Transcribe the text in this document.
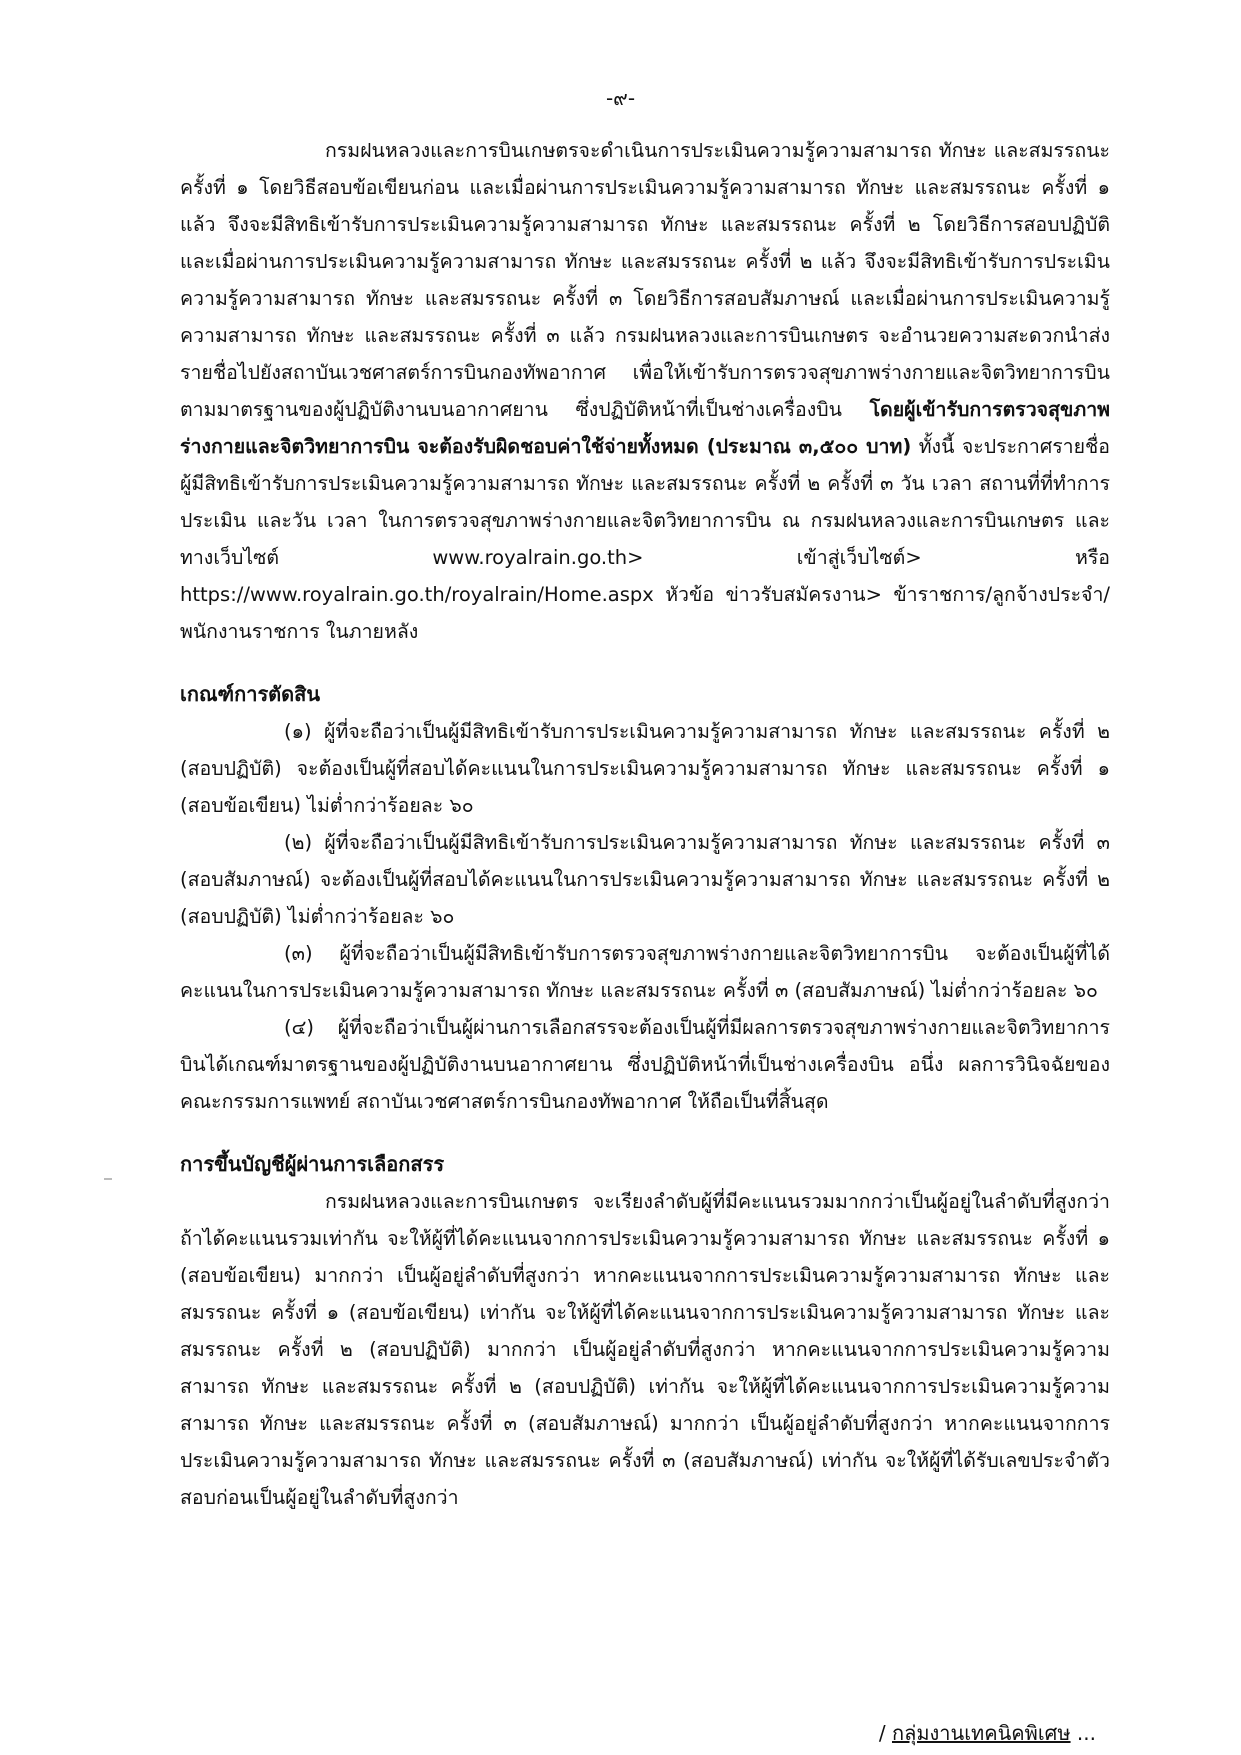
-๙-

กรมฝนหลวงและการบินเกษตรจะดำเนินการประเมินความรู้ความสามารถ ทักษะ และสมรรถนะ ครั้งที่ ๑ โดยวิธีสอบข้อเขียนก่อน และเมื่อผ่านการประเมินความรู้ความสามารถ ทักษะ และสมรรถนะ ครั้งที่ ๑ แล้ว จึงจะมีสิทธิเข้ารับการประเมินความรู้ความสามารถ ทักษะ และสมรรถนะ ครั้งที่ ๒ โดยวิธีการสอบปฏิบัติ และเมื่อผ่านการประเมินความรู้ความสามารถ ทักษะ และสมรรถนะ ครั้งที่ ๒ แล้ว จึงจะมีสิทธิเข้ารับการประเมินความรู้ความสามารถ ทักษะ และสมรรถนะ ครั้งที่ ๓ โดยวิธีการสอบสัมภาษณ์ และเมื่อผ่านการประเมินความรู้ความสามารถ ทักษะ และสมรรถนะ ครั้งที่ ๓ แล้ว กรมฝนหลวงและการบินเกษตร จะอำนวยความสะดวกนำส่งรายชื่อไปยังสถาบันเวชศาสตร์การบินกองทัพอากาศ เพื่อให้เข้ารับการตรวจสุขภาพร่างกายและจิตวิทยาการบินตามมาตรฐานของผู้ปฏิบัติงานบนอากาศยาน ซึ่งปฏิบัติหน้าที่เป็นช่างเครื่องบิน โดยผู้เข้ารับการตรวจสุขภาพร่างกายและจิตวิทยาการบิน จะต้องรับผิดชอบค่าใช้จ่ายทั้งหมด (ประมาณ ๓,๕๐๐ บาท) ทั้งนี้ จะประกาศรายชื่อผู้มีสิทธิเข้ารับการประเมินความรู้ความสามารถ ทักษะ และสมรรถนะ ครั้งที่ ๒ ครั้งที่ ๓ วัน เวลา สถานที่ที่ทำการประเมิน และวัน เวลา ในการตรวจสุขภาพร่างกายและจิตวิทยาการบิน ณ กรมฝนหลวงและการบินเกษตร และทางเว็บไซต์ www.royalrain.go.th> เข้าสู่เว็บไซต์> หรือ https://www.royalrain.go.th/royalrain/Home.aspx หัวข้อ ข่าวรับสมัครงาน> ข้าราชการ/ลูกจ้างประจำ/ พนักงานราชการ ในภายหลัง

เกณฑ์การตัดสิน

(๑) ผู้ที่จะถือว่าเป็นผู้มีสิทธิเข้ารับการประเมินความรู้ความสามารถ ทักษะ และสมรรถนะ ครั้งที่ ๒ (สอบปฏิบัติ) จะต้องเป็นผู้ที่สอบได้คะแนนในการประเมินความรู้ความสามารถ ทักษะ และสมรรถนะ ครั้งที่ ๑ (สอบข้อเขียน) ไม่ต่ำกว่าร้อยละ ๖๐

(๒) ผู้ที่จะถือว่าเป็นผู้มีสิทธิเข้ารับการประเมินความรู้ความสามารถ ทักษะ และสมรรถนะ ครั้งที่ ๓ (สอบสัมภาษณ์) จะต้องเป็นผู้ที่สอบได้คะแนนในการประเมินความรู้ความสามารถ ทักษะ และสมรรถนะ ครั้งที่ ๒ (สอบปฏิบัติ) ไม่ต่ำกว่าร้อยละ ๖๐

(๓) ผู้ที่จะถือว่าเป็นผู้มีสิทธิเข้ารับการตรวจสุขภาพร่างกายและจิตวิทยาการบิน จะต้องเป็นผู้ที่ได้คะแนนในการประเมินความรู้ความสามารถ ทักษะ และสมรรถนะ ครั้งที่ ๓ (สอบสัมภาษณ์) ไม่ต่ำกว่าร้อยละ ๖๐

(๔) ผู้ที่จะถือว่าเป็นผู้ผ่านการเลือกสรรจะต้องเป็นผู้ที่มีผลการตรวจสุขภาพร่างกายและจิตวิทยาการบินได้เกณฑ์มาตรฐานของผู้ปฏิบัติงานบนอากาศยาน ซึ่งปฏิบัติหน้าที่เป็นช่างเครื่องบิน อนึ่ง ผลการวินิจฉัยของคณะกรรมการแพทย์ สถาบันเวชศาสตร์การบินกองทัพอากาศ ให้ถือเป็นที่สิ้นสุด

การขึ้นบัญชีผู้ผ่านการเลือกสรร

กรมฝนหลวงและการบินเกษตร จะเรียงลำดับผู้ที่มีคะแนนรวมมากกว่าเป็นผู้อยู่ในลำดับที่สูงกว่า ถ้าได้คะแนนรวมเท่ากัน จะให้ผู้ที่ได้คะแนนจากการประเมินความรู้ความสามารถ ทักษะ และสมรรถนะ ครั้งที่ ๑ (สอบข้อเขียน) มากกว่า เป็นผู้อยู่ลำดับที่สูงกว่า หากคะแนนจากการประเมินความรู้ความสามารถ ทักษะ และสมรรถนะ ครั้งที่ ๑ (สอบข้อเขียน) เท่ากัน จะให้ผู้ที่ได้คะแนนจากการประเมินความรู้ความสามารถ ทักษะ และสมรรถนะ ครั้งที่ ๒ (สอบปฏิบัติ) มากกว่า เป็นผู้อยู่ลำดับที่สูงกว่า หากคะแนนจากการประเมินความรู้ความสามารถ ทักษะ และสมรรถนะ ครั้งที่ ๒ (สอบปฏิบัติ) เท่ากัน จะให้ผู้ที่ได้คะแนนจากการประเมินความรู้ความสามารถ ทักษะ และสมรรถนะ ครั้งที่ ๓ (สอบสัมภาษณ์) มากกว่า เป็นผู้อยู่ลำดับที่สูงกว่า หากคะแนนจากการประเมินความรู้ความสามารถ ทักษะ และสมรรถนะ ครั้งที่ ๓ (สอบสัมภาษณ์) เท่ากัน จะให้ผู้ที่ได้รับเลขประจำตัวสอบก่อนเป็นผู้อยู่ในลำดับที่สูงกว่า

/ กลุ่มงานเทคนิคพิเศษ ...
